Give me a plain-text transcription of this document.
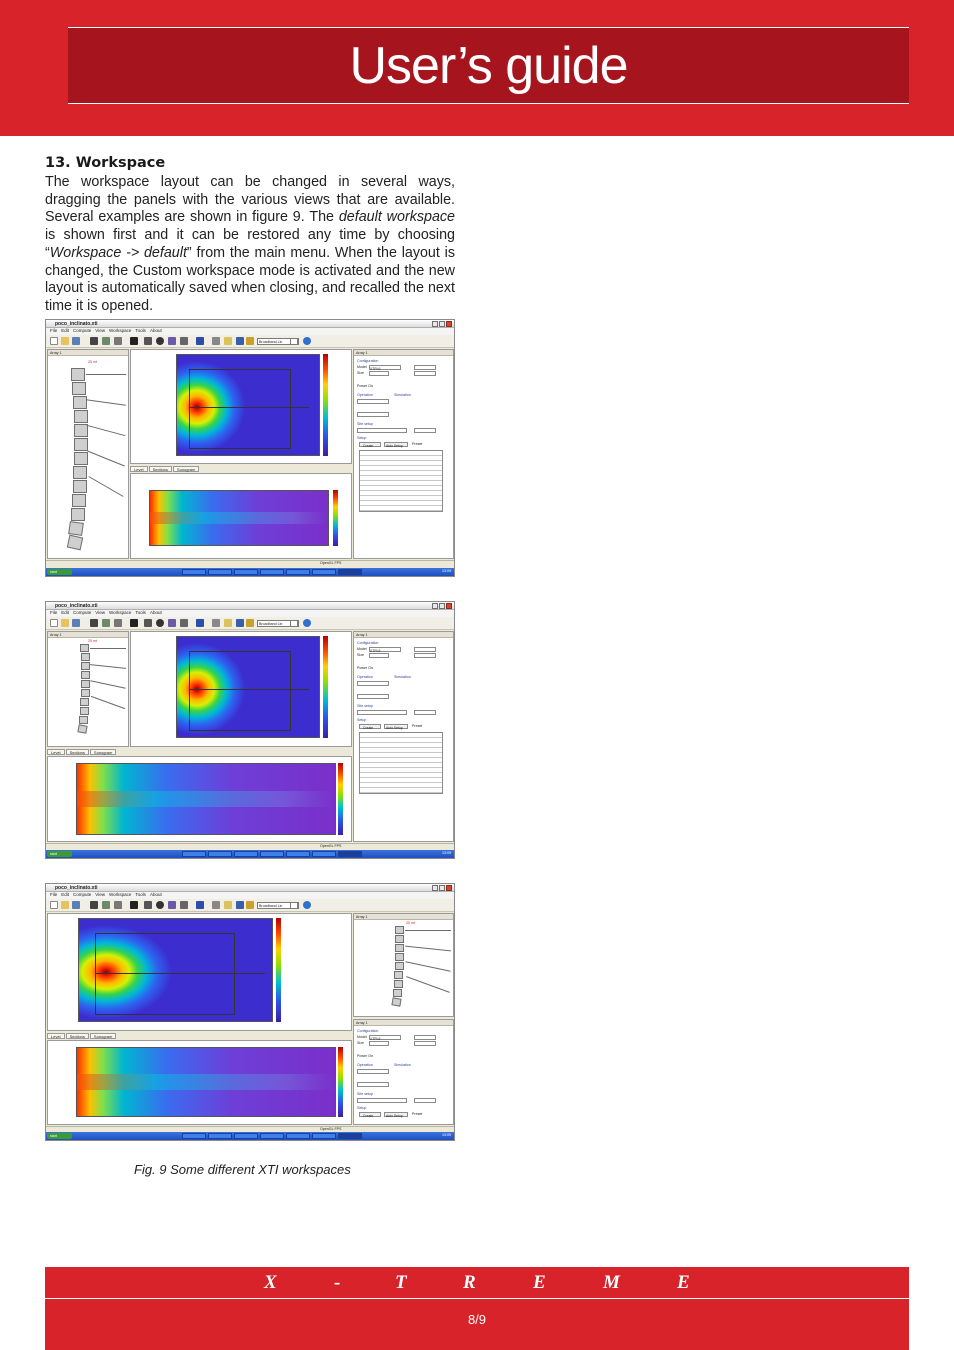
User’s guide
13. Workspace
The workspace layout can be changed in several ways, dragging the panels with the various views that are available. Several examples are shown in figure 9. The default workspace is shown first and it can be restored any time by choosing “Workspace -> default” from the main menu. When the layout is changed, the Custom workspace mode is activated and the new layout is automatically saved when closing, and recalled the next time it is opened.
poco_inclinato.xti
File Edit Compute View Workspace Tools About
Broadband Lin
Array 1
25 mt
Level Sections Sonogram
Array 1
Configuration
Model XTPL6
Size
Power On
Operation	Simulation
Site setup
Setup
Create	Auto Setup	Preset
OpenGL FPS
start	13:09
poco_inclinato.xti
File Edit Compute View Workspace Tools About
Broadband Lin
Array 1
25 mt
Level Sections Sonogram
Array 1
Configuration
Model XTPL6
Size
Power On
Operation	Simulation
Site setup
Setup
Create	Auto Setup	Preset
OpenGL FPS
start	13:09
poco_inclinato.xti
File Edit Compute View Workspace Tools About
Broadband Lin
Level Sections Sonogram
Array 1
25 mt
Array 1
Configuration
Model XTPL6
Size
Power On
Operation	Simulation
Site setup
Setup
Create	Auto Setup	Preset
OpenGL FPS
start	13:09
Fig. 9 Some different XTI workspaces
X	-	T	R	E	M	E
8/9
